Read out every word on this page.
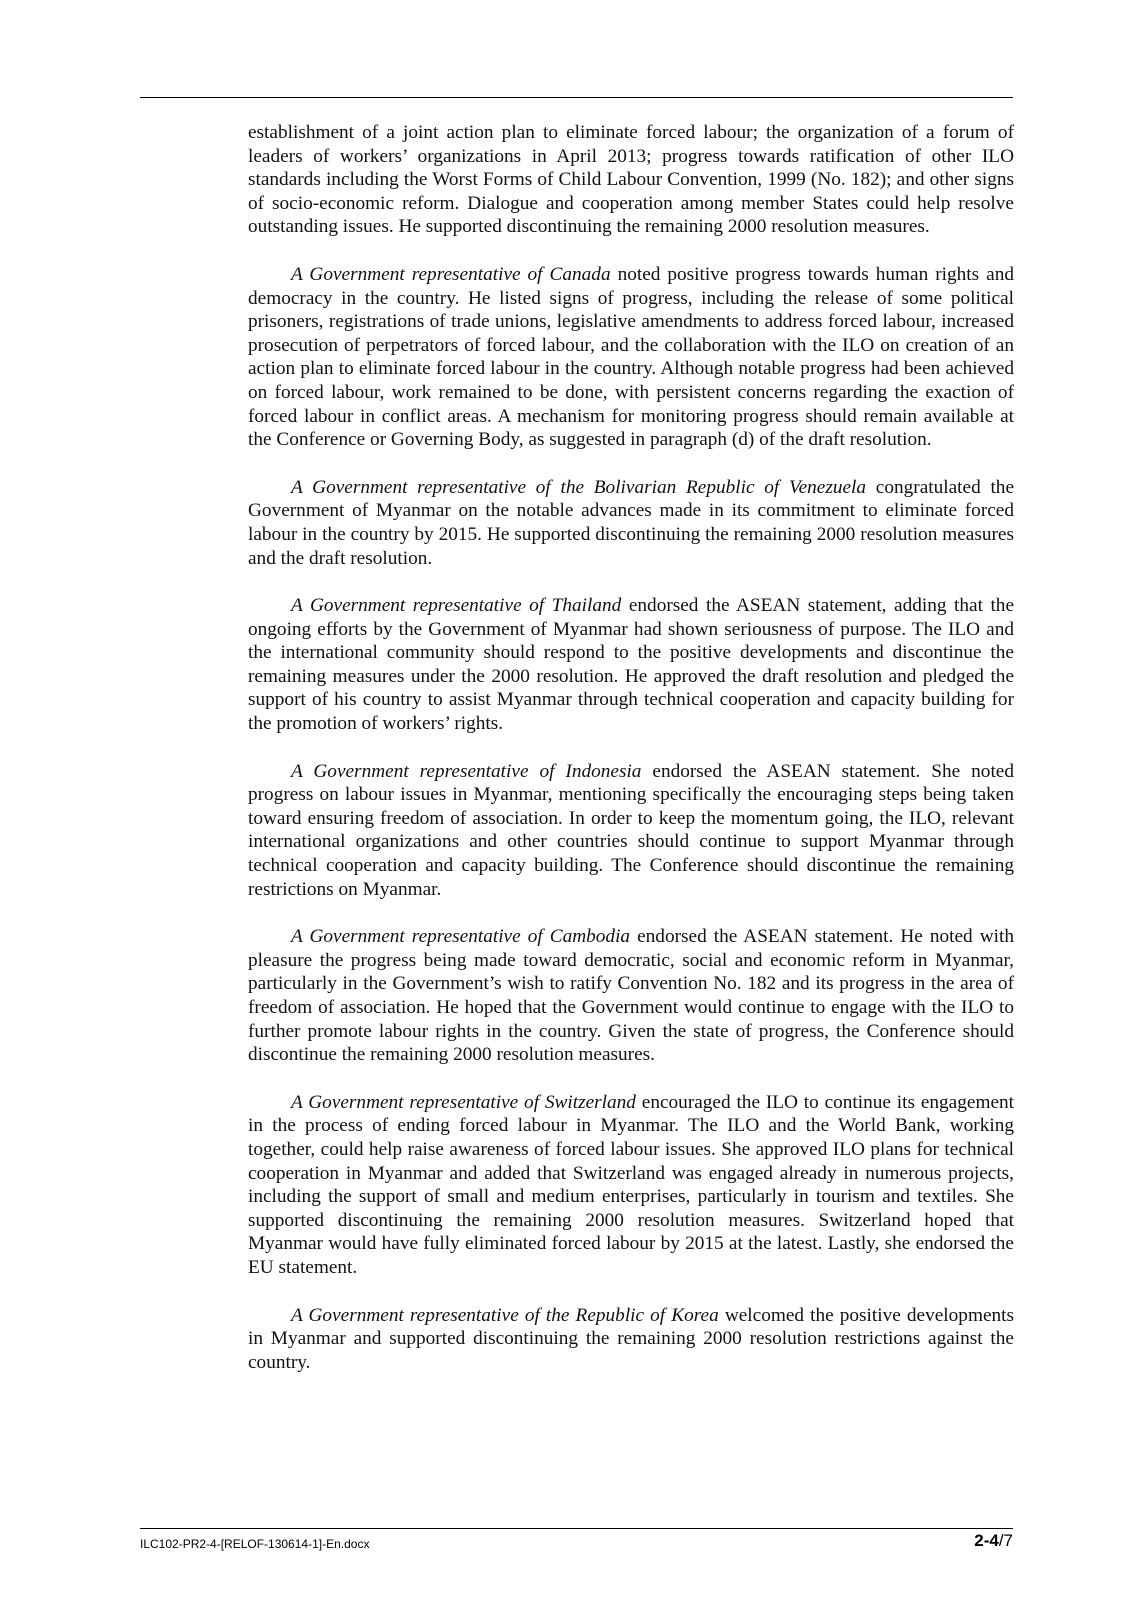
establishment of a joint action plan to eliminate forced labour; the organization of a forum of leaders of workers’ organizations in April 2013; progress towards ratification of other ILO standards including the Worst Forms of Child Labour Convention, 1999 (No. 182); and other signs of socio-economic reform. Dialogue and cooperation among member States could help resolve outstanding issues. He supported discontinuing the remaining 2000 resolution measures.

A Government representative of Canada noted positive progress towards human rights and democracy in the country. He listed signs of progress, including the release of some political prisoners, registrations of trade unions, legislative amendments to address forced labour, increased prosecution of perpetrators of forced labour, and the collaboration with the ILO on creation of an action plan to eliminate forced labour in the country. Although notable progress had been achieved on forced labour, work remained to be done, with persistent concerns regarding the exaction of forced labour in conflict areas. A mechanism for monitoring progress should remain available at the Conference or Governing Body, as suggested in paragraph (d) of the draft resolution.

A Government representative of the Bolivarian Republic of Venezuela congratulated the Government of Myanmar on the notable advances made in its commitment to eliminate forced labour in the country by 2015. He supported discontinuing the remaining 2000 resolution measures and the draft resolution.

A Government representative of Thailand endorsed the ASEAN statement, adding that the ongoing efforts by the Government of Myanmar had shown seriousness of purpose. The ILO and the international community should respond to the positive developments and discontinue the remaining measures under the 2000 resolution. He approved the draft resolution and pledged the support of his country to assist Myanmar through technical cooperation and capacity building for the promotion of workers’ rights.

A Government representative of Indonesia endorsed the ASEAN statement. She noted progress on labour issues in Myanmar, mentioning specifically the encouraging steps being taken toward ensuring freedom of association. In order to keep the momentum going, the ILO, relevant international organizations and other countries should continue to support Myanmar through technical cooperation and capacity building. The Conference should discontinue the remaining restrictions on Myanmar.

A Government representative of Cambodia endorsed the ASEAN statement. He noted with pleasure the progress being made toward democratic, social and economic reform in Myanmar, particularly in the Government’s wish to ratify Convention No. 182 and its progress in the area of freedom of association. He hoped that the Government would continue to engage with the ILO to further promote labour rights in the country. Given the state of progress, the Conference should discontinue the remaining 2000 resolution measures.

A Government representative of Switzerland encouraged the ILO to continue its engagement in the process of ending forced labour in Myanmar. The ILO and the World Bank, working together, could help raise awareness of forced labour issues. She approved ILO plans for technical cooperation in Myanmar and added that Switzerland was engaged already in numerous projects, including the support of small and medium enterprises, particularly in tourism and textiles. She supported discontinuing the remaining 2000 resolution measures. Switzerland hoped that Myanmar would have fully eliminated forced labour by 2015 at the latest. Lastly, she endorsed the EU statement.

A Government representative of the Republic of Korea welcomed the positive developments in Myanmar and supported discontinuing the remaining 2000 resolution restrictions against the country.

ILC102-PR2-4-[RELOF-130614-1]-En.docx	2-4/7
